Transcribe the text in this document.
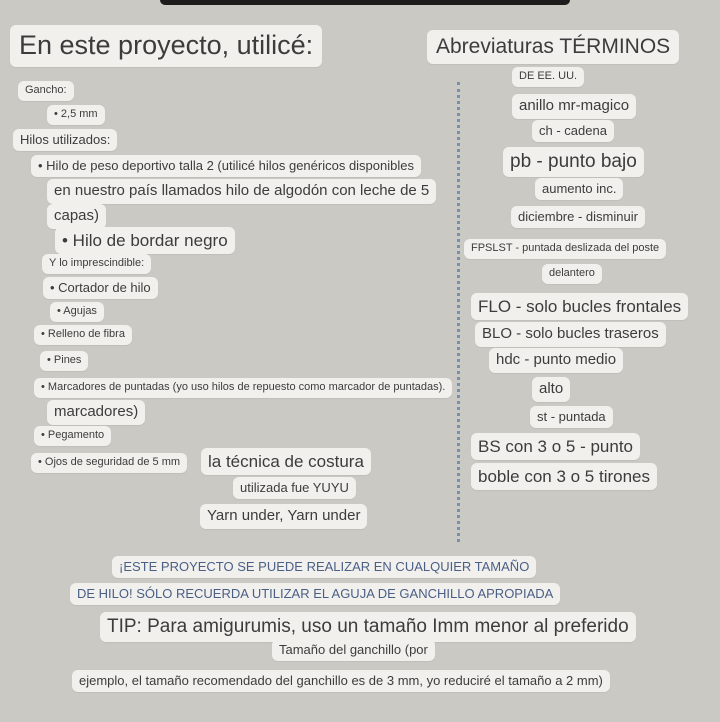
En este proyecto, utilicé:
Gancho:
• 2,5 mm
Hilos utilizados:
• Hilo de peso deportivo talla 2 (utilicé hilos genéricos disponibles
en nuestro país llamados hilo de algodón con leche de 5
capas)
• Hilo de bordar negro
Y lo imprescindible:
• Cortador de hilo
• Agujas
• Relleno de fibra
• Pines
• Marcadores de puntadas (yo uso hilos de repuesto como marcador de puntadas).
marcadores)
• Pegamento
• Ojos de seguridad de 5 mm	la técnica de costura
utilizada fue YUYU
Yarn under, Yarn under
Abreviaturas TÉRMINOS
DE EE. UU.
anillo mr-magico
ch - cadena
pb - punto bajo
aumento inc.
diciembre - disminuir
FPSLST - puntada deslizada del poste
delantero
FLO - solo bucles frontales
BLO - solo bucles traseros
hdc - punto medio
alto
st - puntada
BS con 3 o 5 - punto
boble con 3 o 5 tirones
¡ESTE PROYECTO SE PUEDE REALIZAR EN CUALQUIER TAMAÑO
DE HILO! SÓLO RECUERDA UTILIZAR EL AGUJA DE GANCHILLO APROPIADA
TIP: Para amigurumis, uso un tamaño Imm menor al preferido
Tamaño del ganchillo (por
ejemplo, el tamaño recomendado del ganchillo es de 3 mm, yo reduciré el tamaño a 2 mm)
